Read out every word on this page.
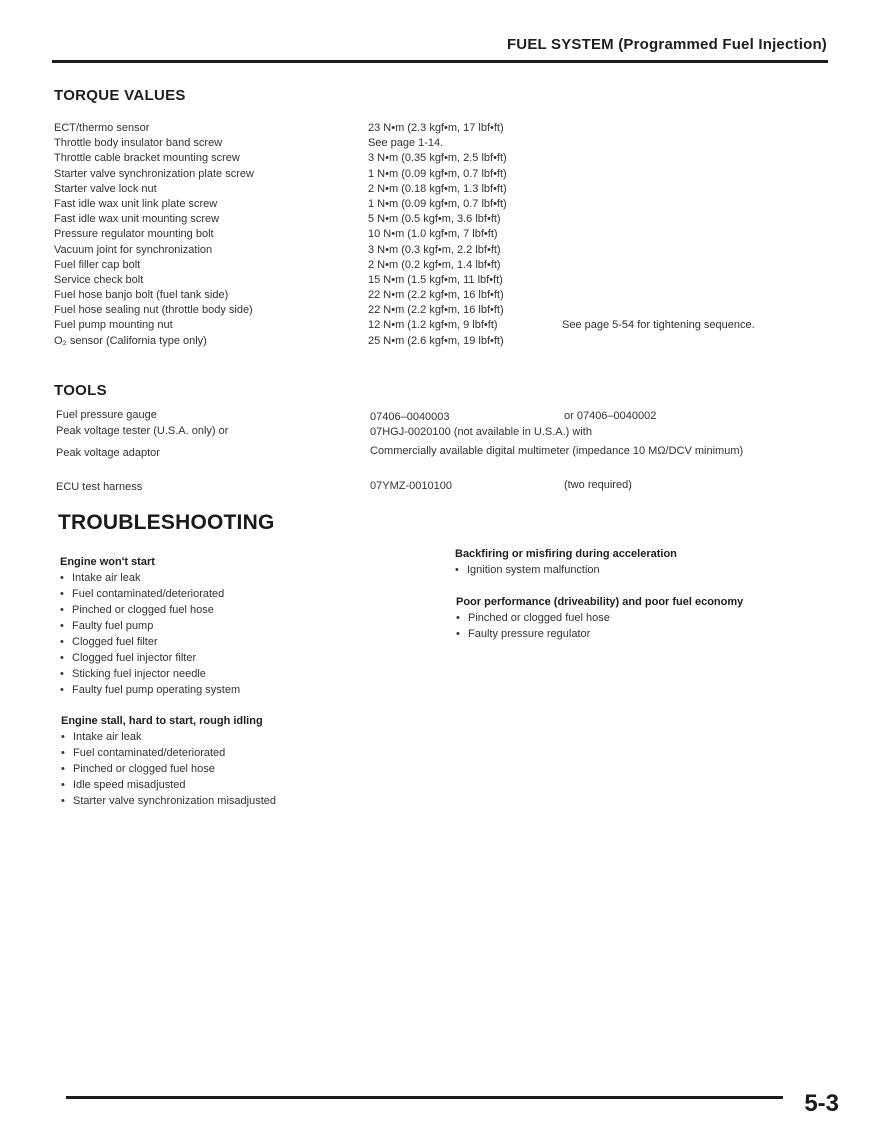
FUEL SYSTEM (Programmed Fuel Injection)
TORQUE VALUES
ECT/thermo sensor	23 N•m (2.3 kgf•m, 17 lbf•ft)
Throttle body insulator band screw	See page 1-14.
Throttle cable bracket mounting screw	3 N•m (0.35 kgf•m, 2.5 lbf•ft)
Starter valve synchronization plate screw	1 N•m (0.09 kgf•m, 0.7 lbf•ft)
Starter valve lock nut	2 N•m (0.18 kgf•m, 1.3 lbf•ft)
Fast idle wax unit link plate screw	1 N•m (0.09 kgf•m, 0.7 lbf•ft)
Fast idle wax unit mounting screw	5 N•m (0.5 kgf•m, 3.6 lbf•ft)
Pressure regulator mounting bolt	10 N•m (1.0 kgf•m, 7 lbf•ft)
Vacuum joint for synchronization	3 N•m (0.3 kgf•m, 2.2 lbf•ft)
Fuel filler cap bolt	2 N•m (0.2 kgf•m, 1.4 lbf•ft)
Service check bolt	15 N•m (1.5 kgf•m, 11 lbf•ft)
Fuel hose banjo bolt (fuel tank side)	22 N•m (2.2 kgf•m, 16 lbf•ft)
Fuel hose sealing nut (throttle body side)	22 N•m (2.2 kgf•m, 16 lbf•ft)
Fuel pump mounting nut	12 N•m (1.2 kgf•m, 9 lbf•ft)	See page 5-54 for tightening sequence.
O₂ sensor (California type only)	25 N•m (2.6 kgf•m, 19 lbf•ft)
TOOLS
Fuel pressure gauge	07406–0040003	or 07406–0040002
Peak voltage tester (U.S.A. only) or	07HGJ-0020100 (not available in U.S.A.) with
Peak voltage adaptor	Commercially available digital multimeter (impedance 10 MΩ/DCV minimum)
ECU test harness	07YMZ-0010100	(two required)
TROUBLESHOOTING
Engine won't start
• Intake air leak
• Fuel contaminated/deteriorated
• Pinched or clogged fuel hose
• Faulty fuel pump
• Clogged fuel filter
• Clogged fuel injector filter
• Sticking fuel injector needle
• Faulty fuel pump operating system
Engine stall, hard to start, rough idling
• Intake air leak
• Fuel contaminated/deteriorated
• Pinched or clogged fuel hose
• Idle speed misadjusted
• Starter valve synchronization misadjusted
Backfiring or misfiring during acceleration
• Ignition system malfunction
Poor performance (driveability) and poor fuel economy
• Pinched or clogged fuel hose
• Faulty pressure regulator
5-3
